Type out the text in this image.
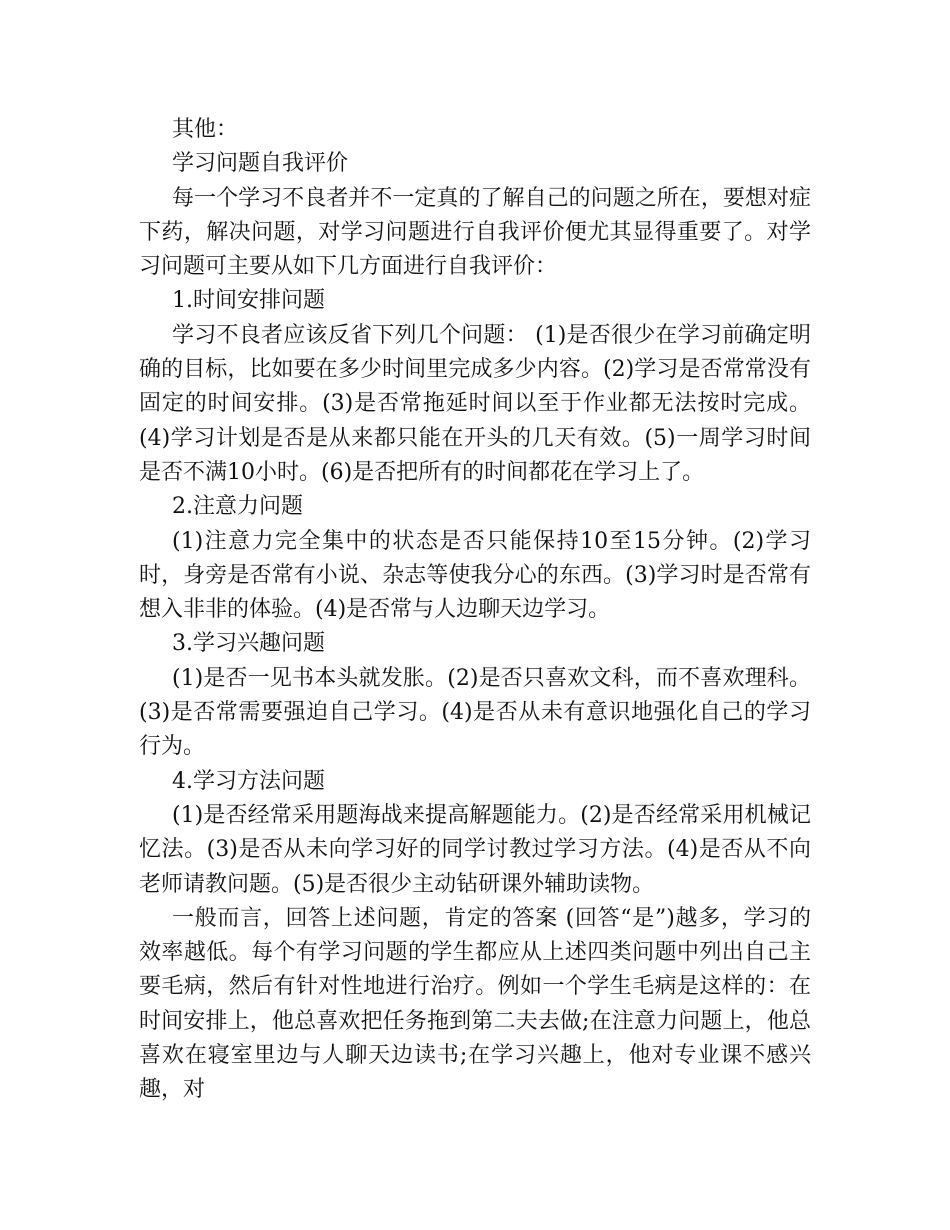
其他：

学习问题自我评价

每一个学习不良者并不一定真的了解自己的问题之所在，要想对症下药，解决问题，对学习问题进行自我评价便尤其显得重要了。对学习问题可主要从如下几方面进行自我评价：

1.时间安排问题

学习不良者应该反省下列几个问题： (1)是否很少在学习前确定明确的目标，比如要在多少时间里完成多少内容。(2)学习是否常常没有固定的时间安排。(3)是否常拖延时间以至于作业都无法按时完成。(4)学习计划是否是从来都只能在开头的几天有效。(5)一周学习时间是否不满10小时。(6)是否把所有的时间都花在学习上了。

2.注意力问题

(1)注意力完全集中的状态是否只能保持10至15分钟。(2)学习时，身旁是否常有小说、杂志等使我分心的东西。(3)学习时是否常有想入非非的体验。(4)是否常与人边聊天边学习。

3.学习兴趣问题

(1)是否一见书本头就发胀。(2)是否只喜欢文科，而不喜欢理科。(3)是否常需要强迫自己学习。(4)是否从未有意识地强化自己的学习行为。

4.学习方法问题

(1)是否经常采用题海战来提高解题能力。(2)是否经常采用机械记忆法。(3)是否从未向学习好的同学讨教过学习方法。(4)是否从不向老师请教问题。(5)是否很少主动钻研课外辅助读物。

一般而言，回答上述问题，肯定的答案 (回答“是”)越多，学习的效率越低。每个有学习问题的学生都应从上述四类问题中列出自己主要毛病，然后有针对性地进行治疗。例如一个学生毛病是这样的：在时间安排上，他总喜欢把任务拖到第二夫去做;在注意力问题上，他总喜欢在寝室里边与人聊天边读书;在学习兴趣上，他对专业课不感兴趣，对
